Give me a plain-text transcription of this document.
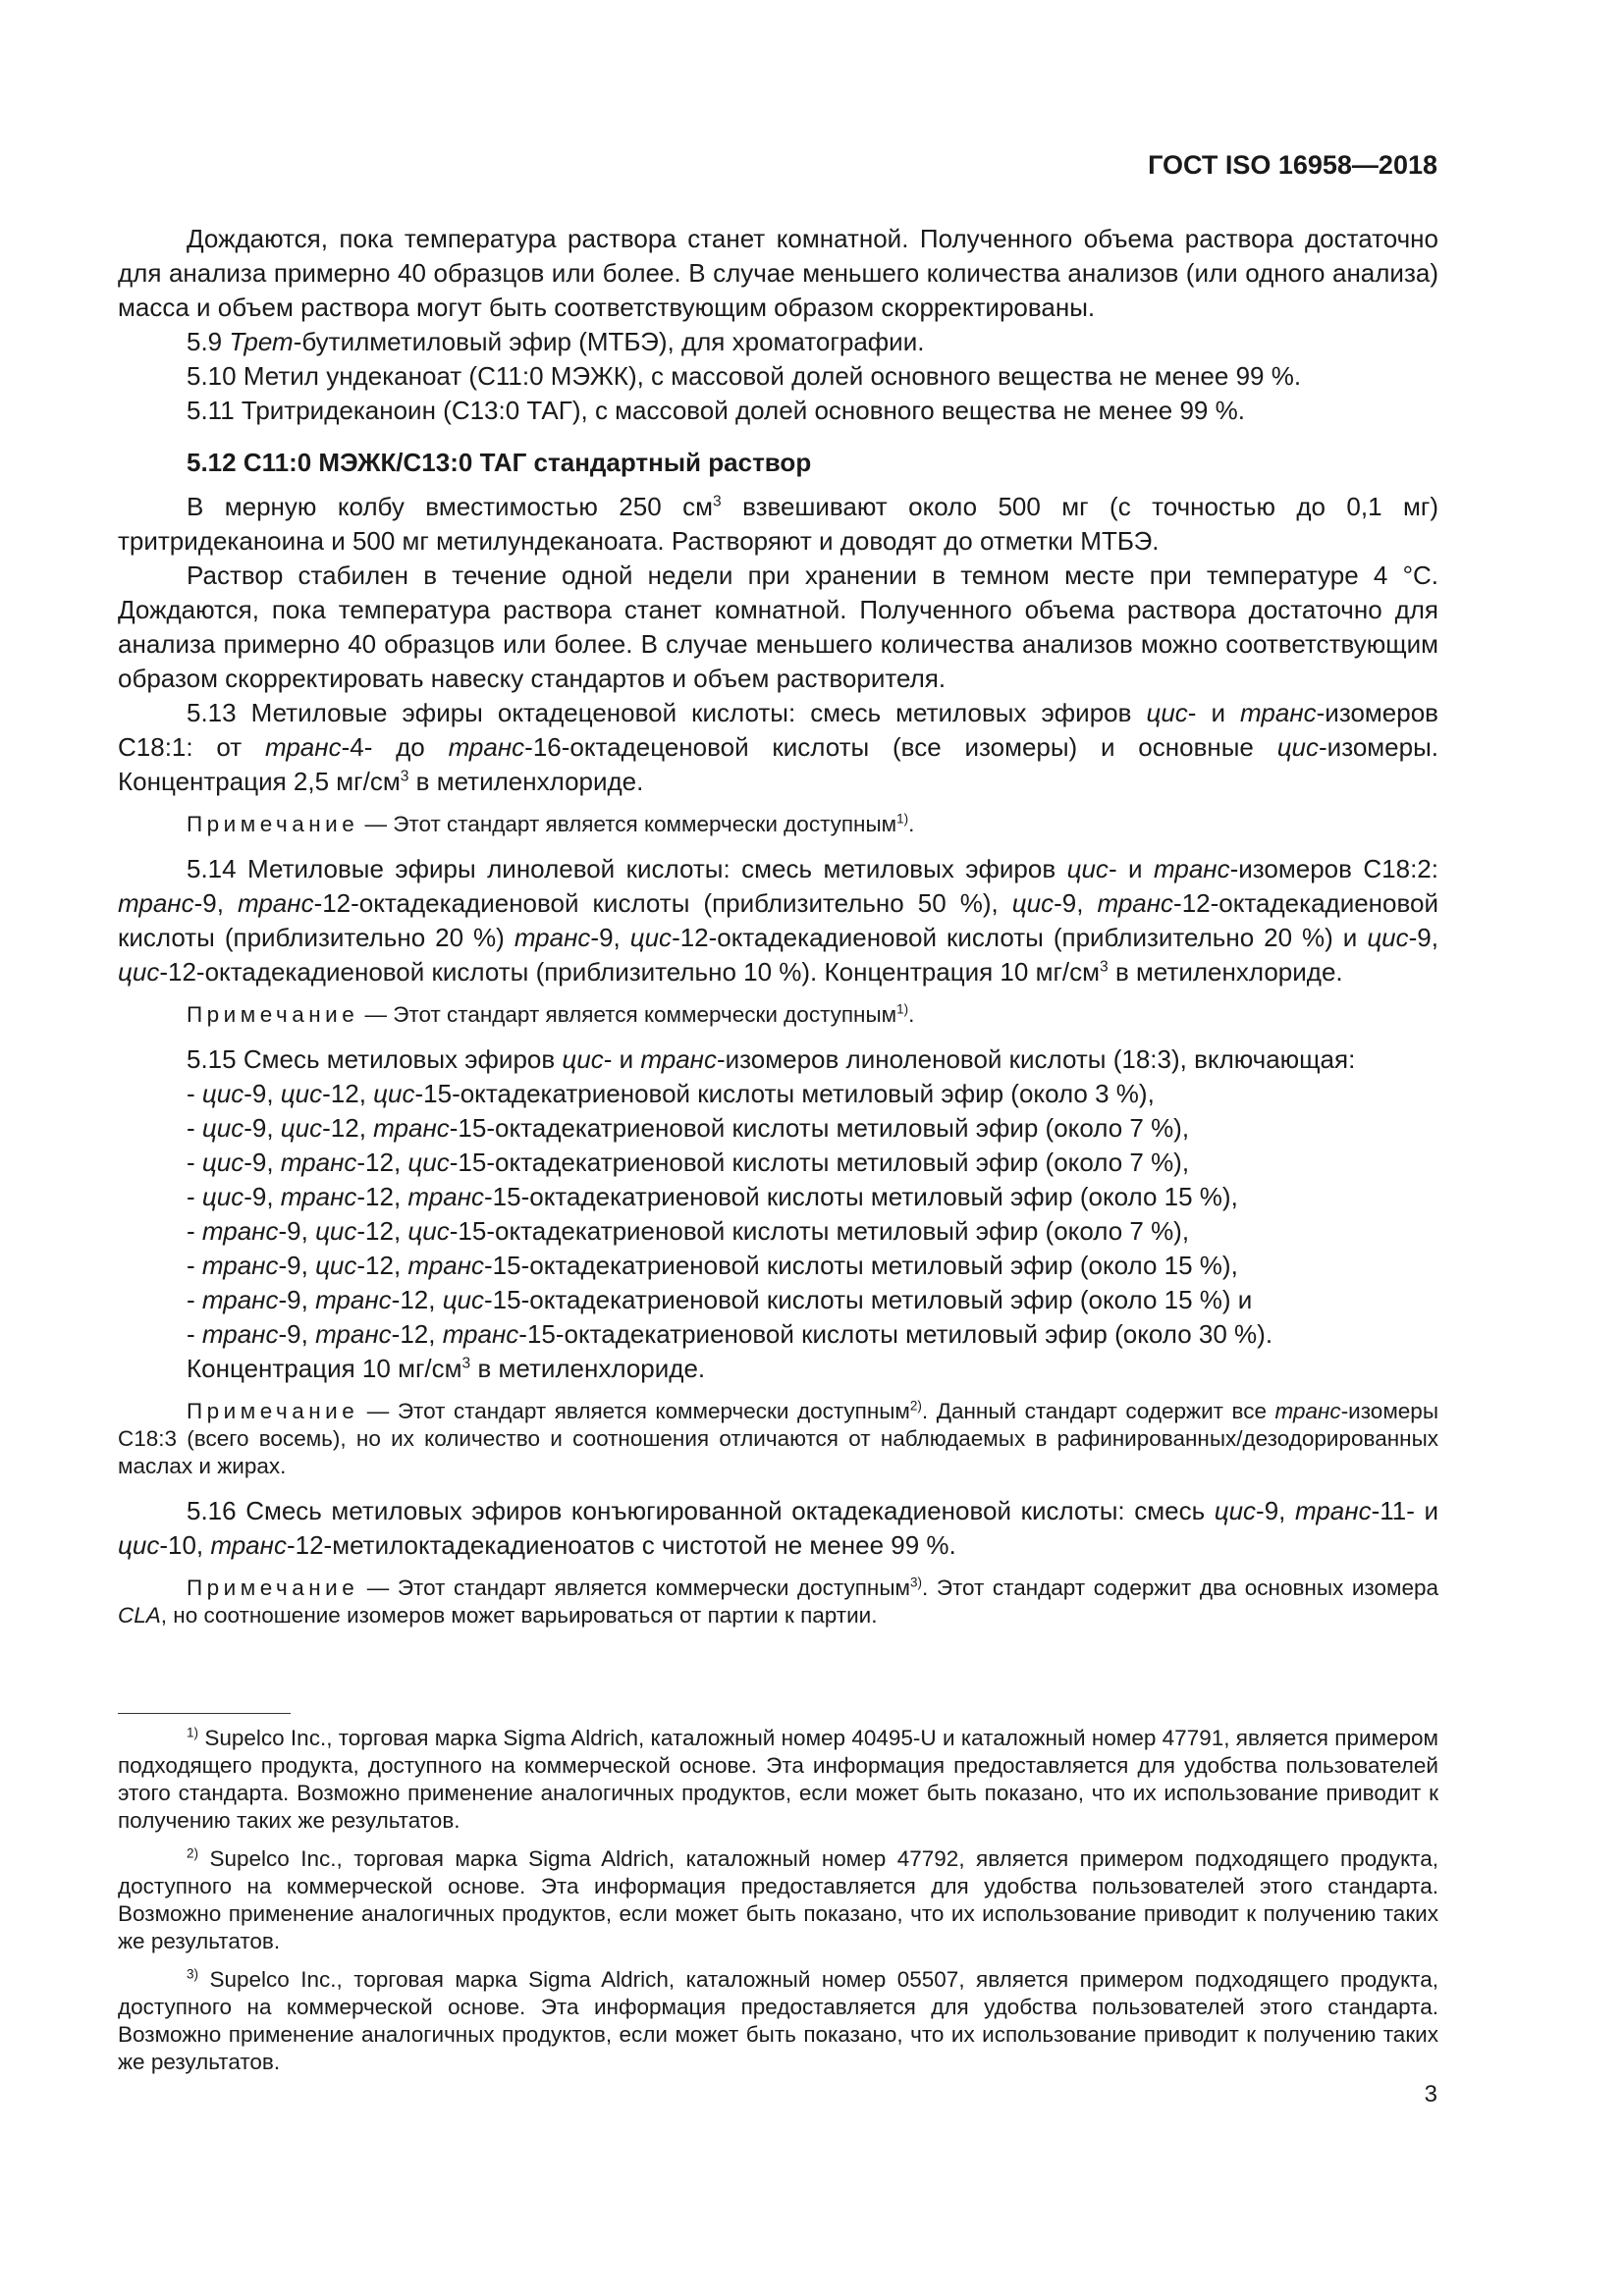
ГОСТ ISO 16958—2018

Дождаются, пока температура раствора станет комнатной. Полученного объема раствора достаточно для анализа примерно 40 образцов или более. В случае меньшего количества анализов (или одного анализа) масса и объем раствора могут быть соответствующим образом скорректированы.

5.9 Трет-бутилметиловый эфир (МТБЭ), для хроматографии.

5.10 Метил ундеканоат (С11:0 МЭЖК), с массовой долей основного вещества не менее 99 %.

5.11 Тритридеканоин (С13:0 ТАГ), с массовой долей основного вещества не менее 99 %.

5.12 С11:0 МЭЖК/С13:0 ТАГ стандартный раствор

В мерную колбу вместимостью 250 $см^3$ взвешивают около 500 мг (с точностью до 0,1 мг) тритридеканоина и 500 мг метилундеканоата. Растворяют и доводят до отметки МТБЭ.

Раствор стабилен в течение одной недели при хранении в темном месте при температуре 4 °С. Дождаются, пока температура раствора станет комнатной. Полученного объема раствора достаточно для анализа примерно 40 образцов или более. В случае меньшего количества анализов можно соответствующим образом скорректировать навеску стандартов и объем растворителя.

5.13 Метиловые эфиры октадеценовой кислоты: смесь метиловых эфиров цис- и транс-изомеров С18:1: от транс-4- до транс-16-октадеценовой кислоты (все изомеры) и основные цис-изомеры. Концентрация 2,5 $мг/см^3$ в метиленхлориде.

Примечание — Этот стандарт является коммерчески доступным$^{1)}$.

5.14 Метиловые эфиры линолевой кислоты: смесь метиловых эфиров цис- и транс-изомеров С18:2: транс-9, транс-12-октадекадиеновой кислоты (приблизительно 50 %), цис-9, транс-12-октадекадиеновой кислоты (приблизительно 20 %) транс-9, цис-12-октадекадиеновой кислоты (приблизительно 20 %) и цис-9, цис-12-октадекадиеновой кислоты (приблизительно 10 %). Концентрация 10 $мг/см^3$ в метиленхлориде.

Примечание — Этот стандарт является коммерчески доступным$^{1)}$.

5.15 Смесь метиловых эфиров цис- и транс-изомеров линоленовой кислоты (18:3), включающая:

- цис-9, цис-12, цис-15-октадекатриеновой кислоты метиловый эфир (около 3 %),
- цис-9, цис-12, транс-15-октадекатриеновой кислоты метиловый эфир (около 7 %),
- цис-9, транс-12, цис-15-октадекатриеновой кислоты метиловый эфир (около 7 %),
- цис-9, транс-12, транс-15-октадекатриеновой кислоты метиловый эфир (около 15 %),
- транс-9, цис-12, цис-15-октадекатриеновой кислоты метиловый эфир (около 7 %),
- транс-9, цис-12, транс-15-октадекатриеновой кислоты метиловый эфир (около 15 %),
- транс-9, транс-12, цис-15-октадекатриеновой кислоты метиловый эфир (около 15 %) и
- транс-9, транс-12, транс-15-октадекатриеновой кислоты метиловый эфир (около 30 %).
Концентрация 10 $мг/см^3$ в метиленхлориде.

Примечание — Этот стандарт является коммерчески доступным$^{2)}$. Данный стандарт содержит все транс-изомеры С18:3 (всего восемь), но их количество и соотношения отличаются от наблюдаемых в рафинированных/дезодорированных маслах и жирах.

5.16 Смесь метиловых эфиров конъюгированной октадекадиеновой кислоты: смесь цис-9, транс-11- и цис-10, транс-12-метилоктадекадиеноатов с чистотой не менее 99 %.

Примечание — Этот стандарт является коммерчески доступным$^{3)}$. Этот стандарт содержит два основных изомера CLA, но соотношение изомеров может варьироваться от партии к партии.

$^{1)}$ Supelco Inc., торговая марка Sigma Aldrich, каталожный номер 40495-U и каталожный номер 47791, является примером подходящего продукта, доступного на коммерческой основе. Эта информация предоставляется для удобства пользователей этого стандарта. Возможно применение аналогичных продуктов, если может быть показано, что их использование приводит к получению таких же результатов.

$^{2)}$ Supelco Inc., торговая марка Sigma Aldrich, каталожный номер 47792, является примером подходящего продукта, доступного на коммерческой основе. Эта информация предоставляется для удобства пользователей этого стандарта. Возможно применение аналогичных продуктов, если может быть показано, что их использование приводит к получению таких же результатов.

$^{3)}$ Supelco Inc., торговая марка Sigma Aldrich, каталожный номер 05507, является примером подходящего продукта, доступного на коммерческой основе. Эта информация предоставляется для удобства пользователей этого стандарта. Возможно применение аналогичных продуктов, если может быть показано, что их использование приводит к получению таких же результатов.

3
